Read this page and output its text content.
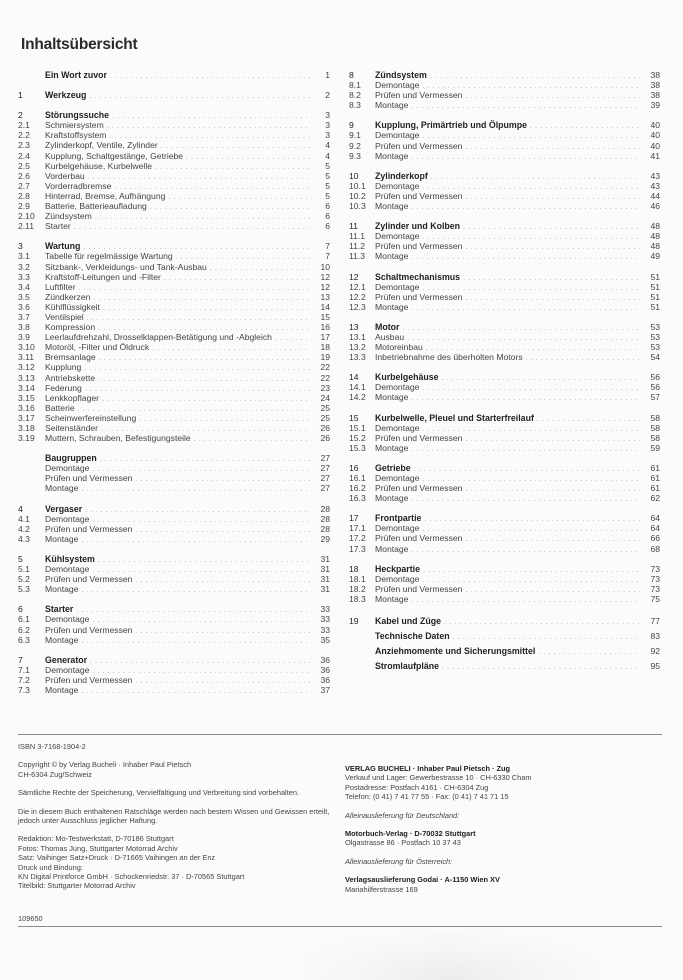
Inhaltsübersicht
Ein Wort zuvor . . .	1
1	Werkzeug . . .	2
2	Störungssuche . . .	3
2.1	Schmiersystem . . .	3
2.2	Kraftstoffsystem . . .	3
2.3	Zylinderkopf, Ventile, Zylinder . . .	4
2.4	Kupplung, Schaltgestänge, Getriebe . . .	4
2.5	Kurbelgehäuse, Kurbelwelle . . .	5
2.6	Vorderbau . . .	5
2.7	Vorderradbremse . . .	5
2.8	Hinterrad, Bremse, Aufhängung . . .	5
2.9	Batterie, Batterieaufladung . . .	6
2.10	Zündsystem . . .	6
2.11	Starter . . .	6
3	Wartung . . .	7
3.1	Tabelle für regelmässige Wartung . . .	7
3.2	Sitzbank-, Verkleidungs- und Tank-Ausbau . . .	10
3.3	Kraftstoff-Leitungen und -Filter . . .	12
3.4	Luftfilter . . .	12
3.5	Zündkerzen . . .	13
3.6	Kühlflüssigkeit . . .	14
3.7	Ventilspiel . . .	15
3.8	Kompression . . .	16
3.9	Leerlaufdrehzahl, Drosselklappen-Betätigung und -Abgleich . . .	17
3.10	Motoröl, -Filter und Öldruck . . .	18
3.11	Bremsanlage . . .	19
3.12	Kupplung . . .	22
3.13	Antriebskette . . .	22
3.14	Federung . . .	23
3.15	Lenkkopflager . . .	24
3.16	Batterie . . .	25
3.17	Scheinwerfereinstellung . . .	25
3.18	Seitenständer . . .	26
3.19	Muttern, Schrauben, Befestigungsteile . . .	26
Baugruppen . . .	27
Demontage . . .	27
Prüfen und Vermessen . . .	27
Montage . . .	27
4	Vergaser . . .	28
4.1	Demontage . . .	28
4.2	Prüfen und Vermessen . . .	28
4.3	Montage . . .	29
5	Kühlsystem . . .	31
5.1	Demontage . . .	31
5.2	Prüfen und Vermessen . . .	31
5.3	Montage . . .	31
6	Starter . . .	33
6.1	Demontage . . .	33
6.2	Prüfen und Vermessen . . .	33
6.3	Montage . . .	35
7	Generator . . .	36
7.1	Demontage . . .	36
7.2	Prüfen und Vermessen . . .	36
7.3	Montage . . .	37
8	Zündsystem . . .	38
8.1	Demontage . . .	38
8.2	Prüfen und Vermessen . . .	38
8.3	Montage . . .	39
9	Kupplung, Primärtrieb und Ölpumpe . . .	40
9.1	Demontage . . .	40
9.2	Prüfen und Vermessen . . .	40
9.3	Montage . . .	41
10	Zylinderkopf . . .	43
10.1	Demontage . . .	43
10.2	Prüfen und Vermessen . . .	44
10.3	Montage . . .	46
11	Zylinder und Kolben . . .	48
11.1	Demontage . . .	48
11.2	Prüfen und Vermessen . . .	48
11.3	Montage . . .	49
12	Schaltmechanismus . . .	51
12.1	Demontage . . .	51
12.2	Prüfen und Vermessen . . .	51
12.3	Montage . . .	51
13	Motor . . .	53
13.1	Ausbau . . .	53
13.2	Motoreinbau . . .	53
13.3	Inbetriebnahme des überholten Motors . . .	54
14	Kurbelgehäuse . . .	56
14.1	Demontage . . .	56
14.2	Montage . . .	57
15	Kurbelwelle, Pleuel und Starterfreilauf . . .	58
15.1	Demontage . . .	58
15.2	Prüfen und Vermessen . . .	58
15.3	Montage . . .	59
16	Getriebe . . .	61
16.1	Demontage . . .	61
16.2	Prüfen und Vermessen . . .	61
16.3	Montage . . .	62
17	Frontpartie . . .	64
17.1	Demontage . . .	64
17.2	Prüfen und Vermessen . . .	66
17.3	Montage . . .	68
18	Heckpartie . . .	73
18.1	Demontage . . .	73
18.2	Prüfen und Vermessen . . .	73
18.3	Montage . . .	75
19	Kabel und Züge . . .	77
Technische Daten . . .	83
Anziehmomente und Sicherungsmittel . . .	92
Stromlaufpläne . . .	95

ISBN 3-7168-1904-2

Copyright © by Verlag Bucheli · Inhaber Paul Pietsch
CH-6304 Zug/Schweiz

Sämtliche Rechte der Speicherung, Vervielfältigung und Verbreitung sind vorbehalten.

Die in diesem Buch enthaltenen Ratschläge werden nach bestem Wissen und Gewissen erteilt,
jedoch unter Ausschluss jeglicher Haftung.

Redaktion: Mo-Testwerkstatt, D-70186 Stuttgart
Fotos: Thomas Jung, Stuttgarter Motorrad Archiv
Satz: Vaihinger Satz+Druck · D-71665 Vaihingen an der Enz
Druck und Bindung:
KN Digital Printforce GmbH · Schockenriedstr. 37 · D-70565 Stuttgart
Titelbild: Stuttgarter Motorrad Archiv

VERLAG BUCHELI · Inhaber Paul Pietsch · Zug
Verkauf und Lager: Gewerbestrasse 10 · CH-6330 Cham
Postadresse: Postfach 4161 · CH-6304 Zug
Telefon: (0 41) 7 41 77 55 · Fax: (0 41) 7 41 71 15

Alleinauslieferung für Deutschland:

Motorbuch-Verlag · D-70032 Stuttgart
Olgastrasse 86 · Postfach 10 37 43

Alleinauslieferung für Österreich:

Verlagsauslieferung Godai · A-1150 Wien XV
Mariahilferstrasse 169

109650
